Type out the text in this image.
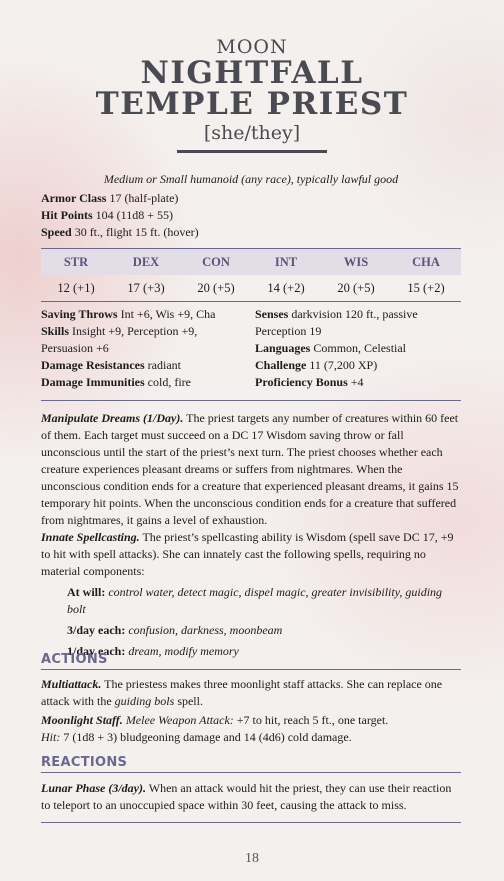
MOON
NIGHTFALL
TEMPLE PRIEST
[she/they]
Medium or Small humanoid (any race), typically lawful good
Armor Class 17 (half-plate)
Hit Points 104 (11d8 + 55)
Speed 30 ft., flight 15 ft. (hover)
STR	DEX	CON	INT	WIS	CHA
12 (+1)	17 (+3)	20 (+5)	14 (+2)	20 (+5)	15 (+2)
Saving Throws Int +6, Wis +9, Cha
Skills Insight +9, Perception +9,
Persuasion +6
Damage Resistances radiant
Damage Immunities cold, fire
Senses darkvision 120 ft., passive
Perception 19
Languages Common, Celestial
Challenge 11 (7,200 XP)
Proficiency Bonus +4

Manipulate Dreams (1/Day). The priest targets any number of creatures within 60 feet of them. Each target must succeed on a DC 17 Wisdom saving throw or fall unconscious until the start of the priest’s next turn. The priest chooses whether each creature experiences pleasant dreams or suffers from nightmares. When the unconscious condition ends for a creature that experienced pleasant dreams, it gains 15 temporary hit points. When the unconscious condition ends for a creature that suffered from nightmares, it gains a level of exhaustion.

Innate Spellcasting. The priest’s spellcasting ability is Wisdom (spell save DC 17, +9 to hit with spell attacks). She can innately cast the following spells, requiring no material components:

At will: control water, detect magic, dispel magic, greater invisibility, guiding bolt
3/day each: confusion, darkness, moonbeam
1/day each: dream, modify memory
ACTIONS

Multiattack. The priestess makes three moonlight staff attacks. She can replace one attack with the guiding bols spell.

Moonlight Staff. Melee Weapon Attack: +7 to hit, reach 5 ft., one target.
Hit: 7 (1d8 + 3) bludgeoning damage and 14 (4d6) cold damage.

REACTIONS

Lunar Phase (3/day). When an attack would hit the priest, they can use their reaction to teleport to an unoccupied space within 30 feet, causing the attack to miss.

18
